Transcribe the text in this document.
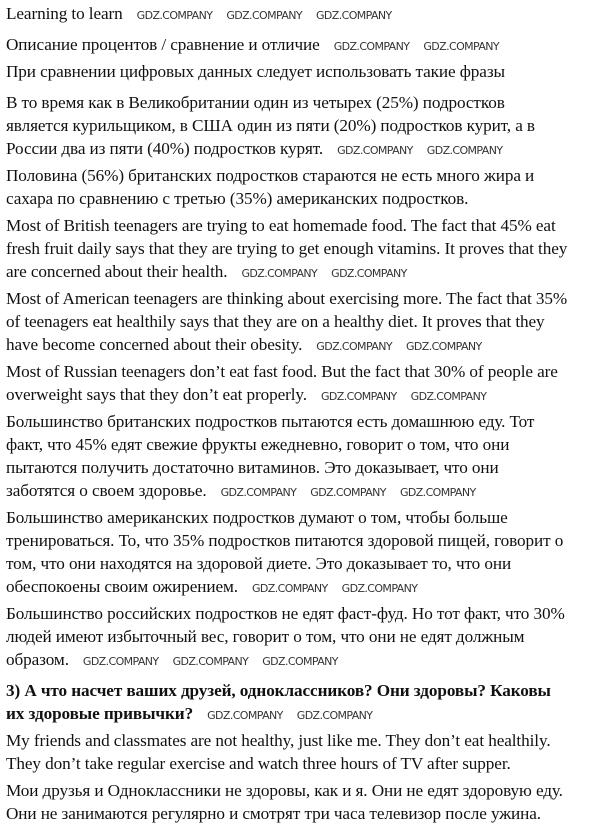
Learning to learn GDZ.COMPANY GDZ.COMPANY GDZ.COMPANY
Описание процентов / сравнение и отличие GDZ.COMPANY GDZ.COMPANY
При сравнении цифровых данных следует использовать такие фразы
В то время как в Великобритании один из четырех (25%) подростков
является курильщиком, в США один из пяти (20%) подростков курит, а в
России два из пяти (40%) подростков курят. GDZ.COMPANY GDZ.COMPANY
Половина (56%) британских подростков стараются не есть много жира и
сахара по сравнению с третью (35%) американских подростков.
Most of British teenagers are trying to eat homemade food. The fact that 45% eat
fresh fruit daily says that they are trying to get enough vitamins. It proves that they
are concerned about their health. GDZ.COMPANY GDZ.COMPANY
Most of American teenagers are thinking about exercising more. The fact that 35%
of teenagers eat healthily says that they are on a healthy diet. It proves that they
have become concerned about their obesity. GDZ.COMPANY GDZ.COMPANY
Most of Russian teenagers don’t eat fast food. But the fact that 30% of people are
overweight says that they don’t eat properly. GDZ.COMPANY GDZ.COMPANY
Большинство британских подростков пытаются есть домашнюю еду. Тот
факт, что 45% едят свежие фрукты ежедневно, говорит о том, что они
пытаются получить достаточно витаминов. Это доказывает, что они
заботятся о своем здоровье. GDZ.COMPANY GDZ.COMPANY GDZ.COMPANY
Большинство американских подростков думают о том, чтобы больше
тренироваться. То, что 35% подростков питаются здоровой пищей, говорит о
том, что они находятся на здоровой диете. Это доказывает то, что они
обеспокоены своим ожирением. GDZ.COMPANY GDZ.COMPANY
Большинство российских подростков не едят фаст-фуд. Но тот факт, что 30%
людей имеют избыточный вес, говорит о том, что они не едят должным
образом. GDZ.COMPANY GDZ.COMPANY GDZ.COMPANY
3) А что насчет ваших друзей, одноклассников? Они здоровы? Каковы
их здоровые привычки? GDZ.COMPANY GDZ.COMPANY
My friends and classmates are not healthy, just like me. They don’t eat healthily.
They don’t take regular exercise and watch three hours of TV after supper.
Мои друзья и Одноклассники не здоровы, как и я. Они не едят здоровую еду.
Они не занимаются регулярно и смотрят три часа телевизор после ужина.
